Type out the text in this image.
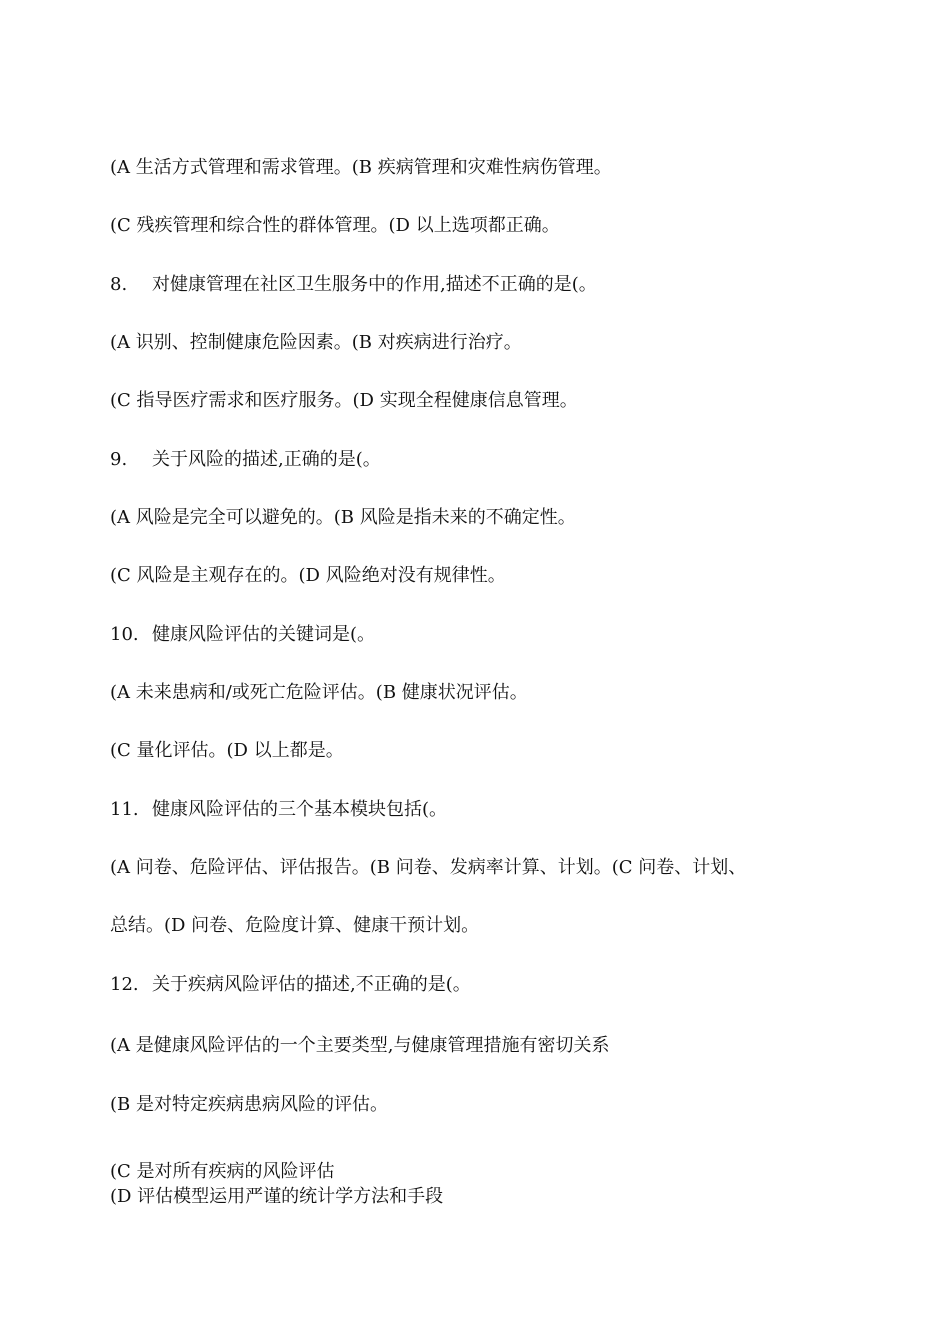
(A 生活方式管理和需求管理。(B 疾病管理和灾难性病伤管理。
(C 残疾管理和综合性的群体管理。(D 以上选项都正确。
8. 对健康管理在社区卫生服务中的作用,描述不正确的是(。
(A 识别、控制健康危险因素。(B 对疾病进行治疗。
(C 指导医疗需求和医疗服务。(D 实现全程健康信息管理。
9. 关于风险的描述,正确的是(。
(A 风险是完全可以避免的。(B 风险是指未来的不确定性。
(C 风险是主观存在的。(D 风险绝对没有规律性。
10. 健康风险评估的关键词是(。
(A 未来患病和/或死亡危险评估。(B 健康状况评估。
(C 量化评估。(D 以上都是。
11. 健康风险评估的三个基本模块包括(。
(A 问卷、危险评估、评估报告。(B 问卷、发病率计算、计划。(C 问卷、计划、
总结。(D 问卷、危险度计算、健康干预计划。
12. 关于疾病风险评估的描述,不正确的是(。
(A 是健康风险评估的一个主要类型,与健康管理措施有密切关系
(B 是对特定疾病患病风险的评估。
(C 是对所有疾病的风险评估
(D 评估模型运用严谨的统计学方法和手段
